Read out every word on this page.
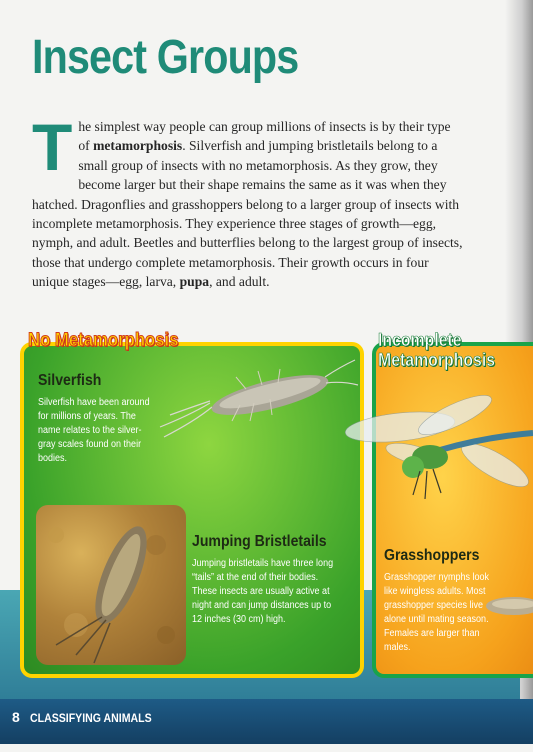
Insect Groups
T he simplest way people can group millions of insects is by their type of metamorphosis. Silverfish and jumping bristletails belong to a small group of insects with no metamorphosis. As they grow, they become larger but their shape remains the same as it was when they hatched. Dragonflies and grasshoppers belong to a larger group of insects with incomplete metamorphosis. They experience three stages of growth—egg, nymph, and adult. Beetles and butterflies belong to the largest group of insects, those that undergo complete metamorphosis. Their growth occurs in four unique stages—egg, larva, pupa, and adult.
No Metamorphosis
Silverfish
Silverfish have been around for millions of years. The name relates to the silver-gray scales found on their bodies.
Jumping Bristletails
Jumping bristletails have three long “tails” at the end of their bodies. These insects are usually active at night and can jump distances up to 12 inches (30 cm) high.
Incomplete Metamorphosis
Grasshoppers
Grasshopper nymphs look like wingless adults. Most grasshopper species live alone until mating season. Females are larger than males.
8 CLASSIFYING ANIMALS
